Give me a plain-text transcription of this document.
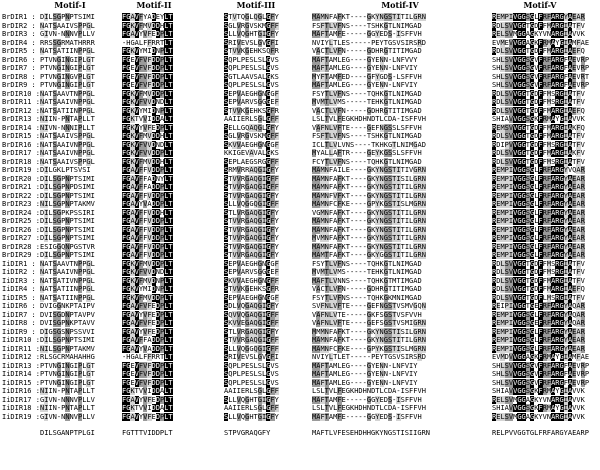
Motif-I	Motif-II	Motif-III	Motif-IV	Motif-V
BrDIR1 : DILSGPNPTSIMI	FGAVFYADEYLT	STVTQGLQGLGFY	MAMNFAFKT----GKYNGSTITILGRN	REMPIVGGSGLFRFARGYAEAR
BrDIR2 : NATSAAIVSPPGL	FGKVFMVDDHLT	SGLVRGVSKMGFF	FSFTLVFNS----TSHKGTLNIMGAD	RDLSVVGGTGDFFMARGIATFV
BrDIR3 : GIVN-NNNVPLLV	FGAVYVFEDPLT	SLLVQGHTGIGFY	MAFTAMFE-----GGYEDS-ISFFVH	RELSVMGGAGKYVNARGIAVVK
BrDIR4 : RRSSGRMATHRRR	-HGALFFRRTLT	SRIVEVSLGVGFI	NVIYLTLES-----PEYTGSVSIRSRD	EVMEVVGGAGKFRMAYGIAMFAE
BrDIR5 : NATSATIINPPGL	FGKVYMIDNPLT	STVVKGEHKSQFR	VACTLVFN-----GDHRGTITIMGAD	RDLSVVGGTGDFFMARGIAEFQ
BrDIR6 : PTVNGINGIPLGT	FGEVFVFDDPLT	SQPLPESLSLGVS	MAFTAMLEG----GYENN-LNFVVY	SHLSVVGGSGVFRFARGFAEVRP
BrDIR7 : PTVNGINGIPLGT	FGEVFVFDDPLT	SQPLPESLSLGVS	MAFTAMLEG----GYENN-LNFVIY	SHLSVVGGSGVFRFARGFAEVRP
BrDIR8 : PTVNGINGVPLGT	FGEVFVFDDPLT	SGTLAAVSALGKS	MYFTAMFED----GFYGDS-LSFFVH	SHLSVVGGSGVFRFARGFAEVRT
BrDIR9 : PTVNGINGIPLGT	FGEVFVFDDPLT	SQPLPESLSLGVS	MAFTAMLEG----GYENN-LNFVIY	SHLSVVGGSGVFRFARGFAEVRP
BrDIR10 : NATSAAVTNPPGL	FGKVFMVDDPLT	SEPVAEGHGNGGF	FSYTLVFNS----TQHKGTLNIMGAD	RDLSVVGGTGDFFMSRGIATFV
BrDIR11 : NATSAAIVNPPGL	FGKVFVVDNDLT	SEPVARVSGGGEF	MVMTLVMS-----TEHKGTLNIMGAD	RDLSVVGGTGDFFMSRGIATFV
BrDIR12 : NATSATIINPPGL	FGKVYMIDNPLT	STVVKGEHKSGFR	VACTLVFN-----GDHRGTITIMGAD	RDLSVVGGTGDFFMARGIAEFQ
BrDIR13 : NIIN-PNTAPLLT	FGKTVVIDDALT	AAIIERLSGLGFF	LSLTVLFEGKHDHNDTLCDA-ISFFVH	SHIAVVGGSGKFRMAYGIAVVK
BrDIR14 : NIVN-NNNIPLLT	FGKVYVFEDPLT	SELLGQAQGLGFY	VAFNLVFTE----GEFNGSSLSFFVH	REMSVVGGTGDFFMARGIAKFQ
BrDIR15 : NATSAAIVSPPGL	FGKVFMVDDHLT	SGLVRGVSKMGFF	FSFTLVFNS----TSHKGTLNIMGAD	RDLSVVGGTGDFFMARGIATFV
BrDIR16 : NATSAAIVNPPGL	FGKVFVVDNDLT	SKVVAEGHGNGGF	ICLTLVLVNS----TKHKGTLNIMGAD	RDIPVVGGTGDFFMSRGIATFV
BrDIR17 : NATSAAIVNPPGL	FGKVFVVDDPLT	KKIGEVAVALGKS	MYALLAFTR----GEYKGSSLSFFVH	RDLSVVGGTGDFFMARGIAKFV
BrDIR18 : NATSAAIVSPPGL	FGKVFMVDDHLT	SEPLAEGSRGGFF	FCYTLVFNS----TQHKGTLNIMGAD	RDLSVVGGTGDFFMSRGIATFV
BrDIR19 : DILGKLPTSVSI	FGAVFFVDDPLT	SRMVRRAQGIGFY	MAMNFAILE----GKYNGSTITIVGRN	REMPIVGGSGLFRFARGYVQAR
BrDIR20 : DILSGPNPTSIMI	FGAVFFADNYLT	STVVRGAQGIGFF	MAMNFAFKT----GKYNGSTISILGRN	REMPIVGGSGLFRFARGYAEAR
BrDIR21 : DILSGPNPDSIMI	FGAVFFADDPLT	STVVRGAQGIGFF	MAMNFAFKT----GKYNGSTITILGRN	REMPIVGGSGLFRFARGYAEAR
BrDIR22 : DILSGPNPTSIMI	FGAVFFVDDPLT	STVVRGAQGIGFY	MAMNFVFKT----GKYNGSTITILGRN	REMPIVGGSGLFRFARGYAEAR
BrDIR23 : NILSGPNPTAKMV	FGAVYVADDPLT	SLLVQGGQGIGFF	MAMNFCFKE----GPYKGSTISLMGRN	REMPIVGGSGLFRFARGYAEAR
BrDIR24 : DILSGPKPSSIRI	FGAVFFVDDHLT	STLVRGAQGIGFY	VGMNFAFKT----GKYNGSTITILGRN	REMPIVGGSGLFRFARGYAEAR
BrDIR25 : DILSGPNPTSIMI	FGAVFFVDDPLT	STVVRGAQGIGFY	MAMNFAFKT----GKYNGSTITILGRN	REMPIVGGSGLFRFARGYAEAR
BrDIR26 : DILSGPNPTSIMI	FGAVFFVDDPLT	STVVRGAQGIGFY	MAMNFAFKT----GKYNGSTITILGRN	REMPIVGGSGLFRFARGYAEAR
BrDIR27 : DILSGPNPTSIMI	FGAVFFVDDPLT	STVVRGAQGIGFY	MVMNFAFKT----GKYNGSTITILGRN	REMPIVGGSGLFRFARGYAEAR
BrDIR28 : ESIGGQNPGSTVR	FGAVFFVDDPLT	STVVRGAQGIGFY	MAMNFAFKT----GKYNGSTITILGRN	REMPIVGGSGLFRFARGYAEAR
BrDIR29 : DILSGPNPTSIMI	FGAVFFVDDPLT	STVVRGAQGIGFY	MAMTFAFKT----GKYGGSTITILGRN	REMPIVGGSGLFRFARGYAEAR
IiDIR1 : NATSAAVTNPPGL	FGKVFMVDDPLT	SEPVAEGHGNGGF	FSYTLVFNS----TQHKGTLNIMGAD	RDLSVVGGTGDFFMSRGIATFV
IiDIR2 : NATSAAIVNPPGL	FGKVFVVDNDLT	SEPVARVSGGGEF	MVMTLVMS-----TEHKGTLNIMGAD	RDLSVVGGTGDFFMSRGIATFV
IiDIR3 : NATSATIVNPPGL	FGKVFMVDNPLT	SKVVAEGHGNGFF	MAFTLVNNS----TQHKGTMTIMGAD	RDLSVVGGTGDFFMARGIATFV
IiDIR4 : NATSATIINPPGL	FGKVYMIDNPLT	STVVKGEHKSGFR	VACTLVFN-----GDHRGTITIMGAD	RDLSVVGGTGDFFMARGIAEFQ
IiDIR5 : NATSATIINPPGL	FGKVFMVDDPLT	SEPVAEGHGNGGF	FSYTLVFNS----TQHKGKMNIMGAD	RDLSVVGGTGDFLMSRGIATFV
IiDIR6 : DVIGGNKPTAIPV	FGAVFVFEDPLT	SDLVQGAQGIGFY	SVFNLVFTE----GEFNGSTVSMVGQN	REIPIVGGTGEFRFARGYAQAR
IiDIR7 : DVISGDNPTAVPV	FGAVYVFEDPLT	SQVVQGAQGIGFF	VAFNLVTE-----GKFSGSTVSFVVH	REMPIVGGSGLFRFARGYAQAR
IiDIR8 : DVISGPNKPTAVV	FGAVFVFEDPLT	SKVVEGAQGIGFF	VAFNLVFTE----GEFSGSTVSMIGRN	REMPIVGGSGEFRFARGYAQAR
IiDIR9 : DIGSGSNPSSVVI	FGAVYVFEDPLT	STLVRGAQGIGFY	MMMNFAFKT----GKYNGSTISILGRN	REMPIVGGSGLFRFARGYAEAR
IiDIR10 : DILSGPNPTSIMI	FGAVFFADDPLT	STVVRGAQGIGFF	MAMNFAFKT----GKYNGSTITILGRN	REMPIVGGSGLFRFARGYAEAR
IiDIR11 : NILSGPNPTAKMV	FGAVYVADDPLT	SLLVQGGQGIGFF	MAMNFCFKE----GPYKGSTISLMGRN	REMPIVGGSGLFRFARGYAEAR
IiDIR12 : RLSGCRMAHAHHG	-HGALFFRRTLT	SRIVEVSLGVGFI	NVIYLTLET-----PEYTGSVSIRSRD	EVMDVVGGAGKFRMAYGIAMFAE
IiDIR13 : PTVNGINGIPLGT	FGEVFVFDDPLT	SQPLPESLSLGVS	MAFTAMLEG----GYENN-LNFVIY	SHLSVVGGSGVFRFARGFAEVRP
IiDIR14 : PTVNGINGIPLGT	FGEVFVFDDPLT	SQPLPESLSLGVS	MAFTAMLEG----GYENN-LNFVIY	SHLSVVGGSGVFRFARGFAEVRP
IiDIR15 : PTVNGINGIPLGT	FGEVFVFDDPLT	SQPLPESLSLGVS	MAFTAMLEG----GYENN-LNFVIY	SHLSVVGGSGVFRFARGFAEVRP
IiDIR16 : NIIN-PNTAPLLT	FGKTVVIDDALT	AAIIERLSGLGFF	LSLTVLFEGKHDHNDTLCDA-ISFFVH	SHIAVVGGSGKFRMAYGIAVVK
IiDIR17 : GIVN-NNNVPLLV	FGAVYVFEDPLT	SLLVQGHTGIGFY	MAFTAMFE-----GGYEDS-ISFFVH	RELSVMGGAGKYVNARGIAVVK
IiDIR18 : NIIN-PNTAPLLT	FGKTVVIDDALT	AAIIERLSGLGFF	LSLTVLFEGKHDHNDTLCDA-ISFFVH	SHIAVVGGSGKFRMAYGIAVVK
IiDIR19 : GIVN-NNNVPLLV	FGAVYVFEDPLT	SLLVQGHTGIGFY	MAFTAMFE-----GGYEDS-ISFFVH	RELSVMGGAGKYVNARGIAVVK
DILSGANPTPLGI	FGTTTVIDDPLT	STPVGRAQGFY	MAFTLVFESEHDHHGKYNGSTISIIGRN	RELPVVGGTGLFRFARGYAEARP
